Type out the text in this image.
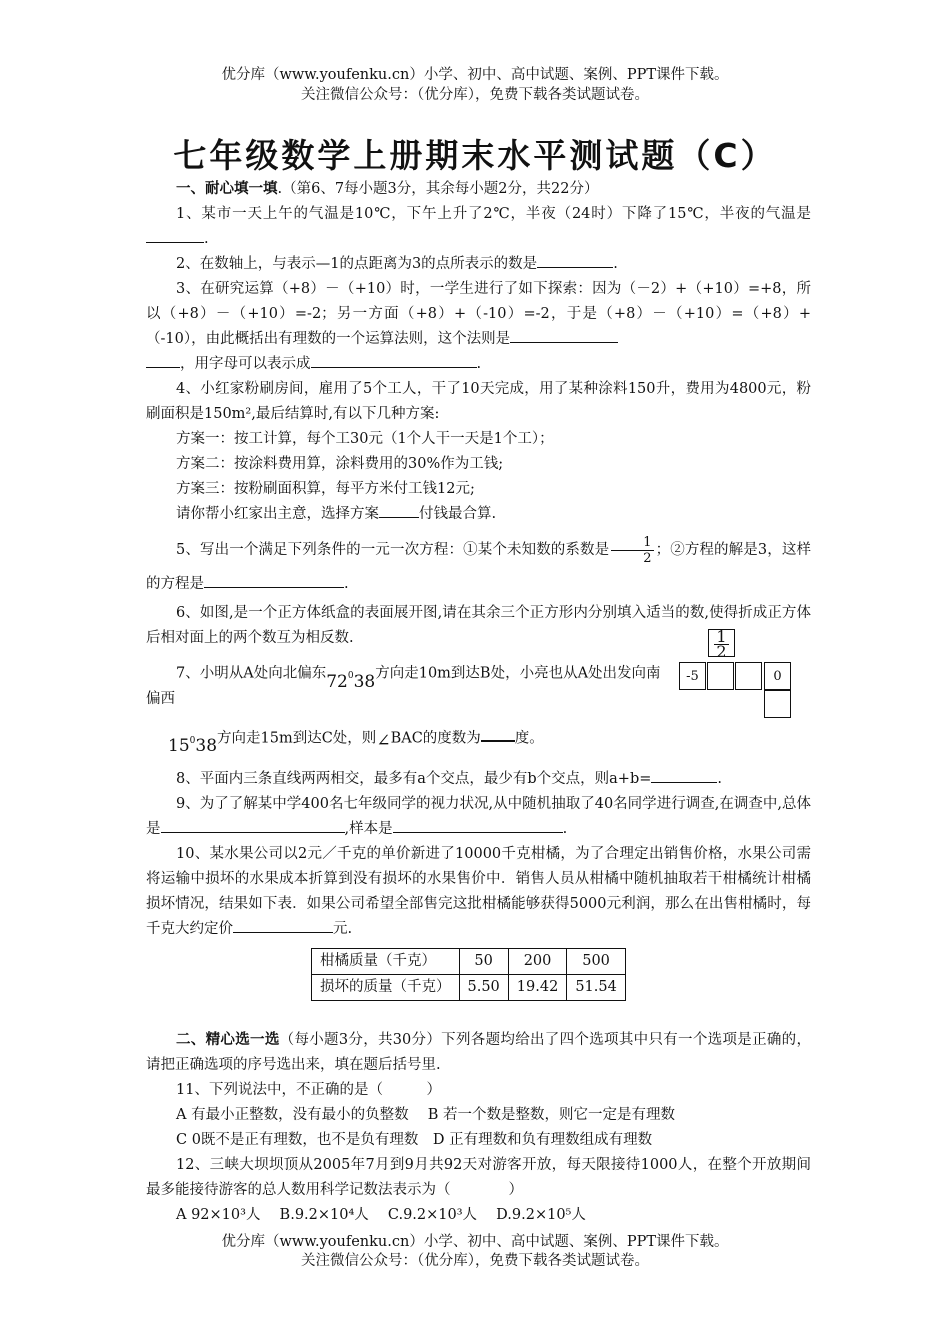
优分库（www.youfenku.cn）小学、初中、高中试题、案例、PPT课件下载。
关注微信公众号：（优分库），免费下载各类试题试卷。
七年级数学上册期末水平测试题（C）

一、耐心填一填.（第6、7每小题3分，其余每小题2分，共22分）

1、某市一天上午的气温是10℃，下午上升了2℃，半夜（24时）下降了15℃，半夜的气温是.

2、在数轴上，与表示—1的点距离为3的点所表示的数是	.

3、在研究运算（+8）－（+10）时，一学生进行了如下探索：因为（－2）+（+10）=+8，所以（+8）－（+10）=-2；另一方面（+8）+（-10）=-2，于是（+8）－（+10）=（+8）+（-10），由此概括出有理数的一个运算法则，这个法则是
，用字母可以表示成	.

4、小红家粉刷房间，雇用了5个工人，干了10天完成，用了某种涂料150升，费用为4800元，粉刷面积是150m²,最后结算时,有以下几种方案:

方案一：按工计算，每个工30元（1个人干一天是1个工）；

方案二：按涂料费用算，涂料费用的30%作为工钱;

方案三：按粉刷面积算，每平方米付工钱12元;

请你帮小红家出主意，选择方案	付钱最合算.

5、写出一个满足下列条件的一元一次方程：①某个未知数的系数是 $\frac{1}{2}$ ；②方程的解是3，这样的方程是	.

6、如图,是一个正方体纸盒的表面展开图,请在其余三个正方形内分别填入适当的数,使得折成正方体后相对面上的两个数互为相反数.

7、小明从A处向北偏东$72^038$方向走10m到达B处，小亮也从A处出发向南偏西

$15^038$方向走15m到达C处，则∠BAC的度数为 度。

8、平面内三条直线两两相交，最多有a个交点，最少有b个交点，则a+b=	.

9、为了了解某中学400名七年级同学的视力状况,从中随机抽取了40名同学进行调查,在调查中,总体是	,样本是	.

10、某水果公司以2元／千克的单价新进了10000千克柑橘，为了合理定出销售价格，水果公司需将运输中损坏的水果成本折算到没有损坏的水果售价中．销售人员从柑橘中随机抽取若干柑橘统计柑橘损坏情况，结果如下表．如果公司希望全部售完这批柑橘能够获得5000元利润，那么在出售柑橘时，每千克大约定价	元.

柑橘质量（千克）	50	200	500
损坏的质量（千克）	5.50	19.42	51.54

二、精心选一选（每小题3分，共30分）下列各题均给出了四个选项其中只有一个选项是正确的，请把正确选项的序号选出来，填在题后括号里.

11、下列说法中，不正确的是（　　　）

A 有最小正整数，没有最小的负整数　 B 若一个数是整数，则它一定是有理数

C 0既不是正有理数，也不是负有理数　D 正有理数和负有理数组成有理数

12、三峡大坝坝顶从2005年7月到9月共92天对游客开放，每天限接待1000人，在整个开放期间最多能接待游客的总人数用科学记数法表示为（　　　　）

A 92×10³人　 B.9.2×10⁴人　 C.9.2×10³人　 D.9.2×10⁵人

1
2
-5	0
优分库（www.youfenku.cn）小学、初中、高中试题、案例、PPT课件下载。
关注微信公众号：（优分库），免费下载各类试题试卷。
